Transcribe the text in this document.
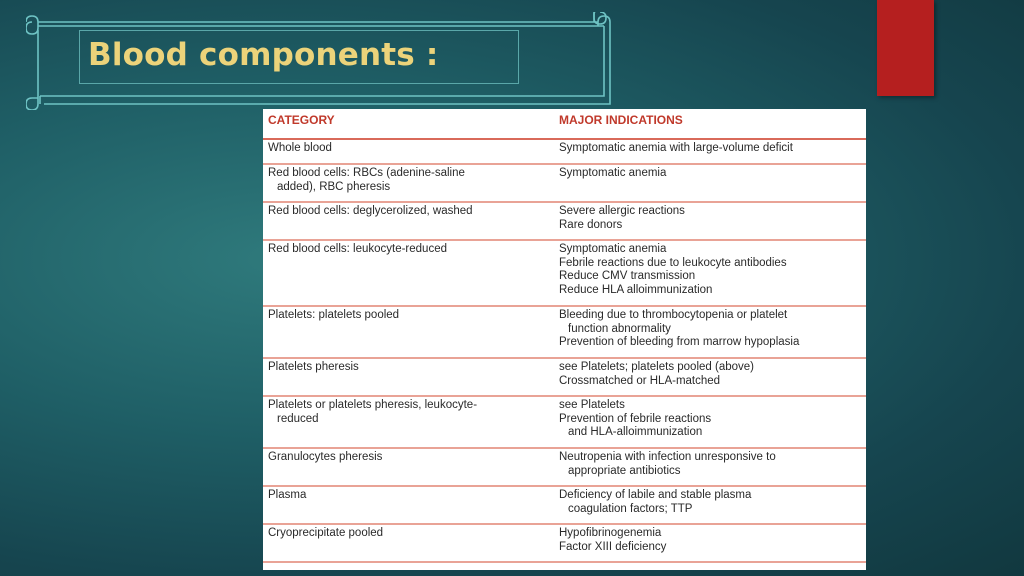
Blood components :
CATEGORY	MAJOR INDICATIONS

Whole blood	Symptomatic anemia with large-volume deficit

Red blood cells: RBCs (adenine-saline
added), RBC pheresis	Symptomatic anemia

Red blood cells: deglycerolized, washed	Severe allergic reactions
Rare donors

Red blood cells: leukocyte-reduced	Symptomatic anemia
Febrile reactions due to leukocyte antibodies
Reduce CMV transmission
Reduce HLA alloimmunization

Platelets: platelets pooled	Bleeding due to thrombocytopenia or platelet
function abnormality
Prevention of bleeding from marrow hypoplasia

Platelets pheresis	see Platelets; platelets pooled (above)
Crossmatched or HLA-matched

Platelets or platelets pheresis, leukocyte-
reduced	see Platelets
Prevention of febrile reactions
and HLA-alloimmunization

Granulocytes pheresis	Neutropenia with infection unresponsive to
appropriate antibiotics

Plasma	Deficiency of labile and stable plasma
coagulation factors; TTP

Cryoprecipitate pooled	Hypofibrinogenemia
Factor XIII deficiency
